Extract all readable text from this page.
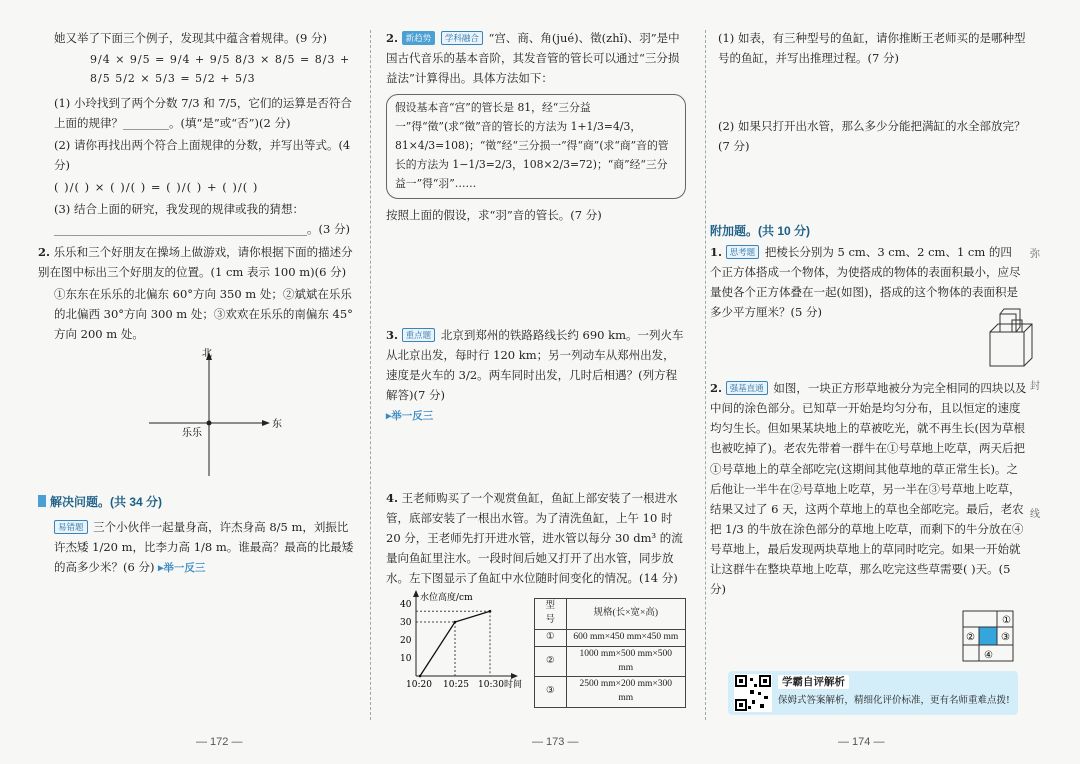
她又举了下面三个例子，发现其中蕴含着规律。(9 分)

9/4 × 9/5 = 9/4 + 9/5 8/3 × 8/5 = 8/3 + 8/5 5/2 × 5/3 = 5/2 + 5/3

(1) 小玲找到了两个分数 7/3 和 7/5，它们的运算是否符合上面的规律？________。(填“是”或“否”)(2 分)

(2) 请你再找出两个符合上面规律的分数，并写出等式。(4 分)

( )/( ) × ( )/( ) = ( )/( ) + ( )/( )

(3) 结合上面的研究，我发现的规律或我的猜想：____________________________________________。(3 分)

2. 乐乐和三个好朋友在操场上做游戏，请你根据下面的描述分别在图中标出三个好朋友的位置。(1 cm 表示 100 m)(6 分)

①东东在乐乐的北偏东 60°方向 350 m 处；②斌斌在乐乐的北偏西 30°方向 300 m 处；③欢欢在乐乐的南偏东 45°方向 200 m 处。

北
东
乐乐

解决问题。(共 34 分)

易错题 三个小伙伴一起量身高，许杰身高 8/5 m，刘振比许杰矮 1/20 m，比李力高 1/8 m。谁最高？最高的比最矮的高多少米？(6 分) ▸举一反三

— 172 —

2. 新趋势 学科融合 “宫、商、角(jué)、徵(zhǐ)、羽”是中国古代音乐的基本音阶，其发音管的管长可以通过“三分损益法”计算得出。具体方法如下：

假设基本音“宫”的管长是 81，经“三分益一”得“徵”(求“徵”音的管长的方法为 1+1/3=4/3，81×4/3=108)；“徵”经“三分损一”得“商”(求“商”音的管长的方法为 1−1/3=2/3，108×2/3=72)；“商”经“三分益一”得“羽”……

按照上面的假设，求“羽”音的管长。(7 分)

3. 重点题 北京到郑州的铁路路线长约 690 km。一列火车从北京出发，每时行 120 km；另一列动车从郑州出发，速度是火车的 3/2。两车同时出发，几时后相遇？(列方程解答)(7 分)

▸举一反三

4. 王老师购买了一个观赏鱼缸，鱼缸上部安装了一根进水管，底部安装了一根出水管。为了清洗鱼缸，上午 10 时 20 分，王老师先打开进水管，进水管以每分 30 dm³ 的流量向鱼缸里注水。一段时间后她又打开了出水管，同步放水。左下图显示了鱼缸中水位随时间变化的情况。(14 分)

水位高度/cm
10
20
30
40
10:20 10:25 10:30 时间
型号	规格(长×宽×高)
①	600 mm×450 mm×450 mm
②	1000 mm×500 mm×500 mm
③	2500 mm×200 mm×300 mm
— 173 —

(1) 如表，有三种型号的鱼缸，请你推断王老师买的是哪种型号的鱼缸，并写出推理过程。(7 分)

(2) 如果只打开出水管，那么多少分能把满缸的水全部放完？(7 分)

附加题。(共 10 分)

1. 思考题 把棱长分别为 5 cm、3 cm、2 cm、1 cm 的四个正方体搭成一个物体，为使搭成的物体的表面积最小，应尽量使各个正方体叠在一起(如图)，搭成的这个物体的表面积是多少平方厘米？(5 分)

2. 强基直通 如图，一块正方形草地被分为完全相同的四块以及中间的涂色部分。已知草一开始是均匀分布，且以恒定的速度均匀生长。但如果某块地上的草被吃光，就不再生长(因为草根也被吃掉了)。老农先带着一群牛在①号草地上吃草，两天后把①号草地上的草全部吃完(这期间其他草地的草正常生长)。之后他让一半牛在②号草地上吃草，另一半在③号草地上吃草，结果又过了 6 天，这两个草地上的草也全部吃完。最后，老农把 1/3 的牛放在涂色部分的草地上吃草，而剩下的牛分放在④号草地上，最后发现两块草地上的草同时吃完。如果一开始就让这群牛在整块草地上吃草，那么吃完这些草需要( )天。(5 分)

— 174 —
①
②	③
④
学霸自评解析
保姆式答案解析，精细化评价标准，更有名师重难点拨!
弥
封
线
